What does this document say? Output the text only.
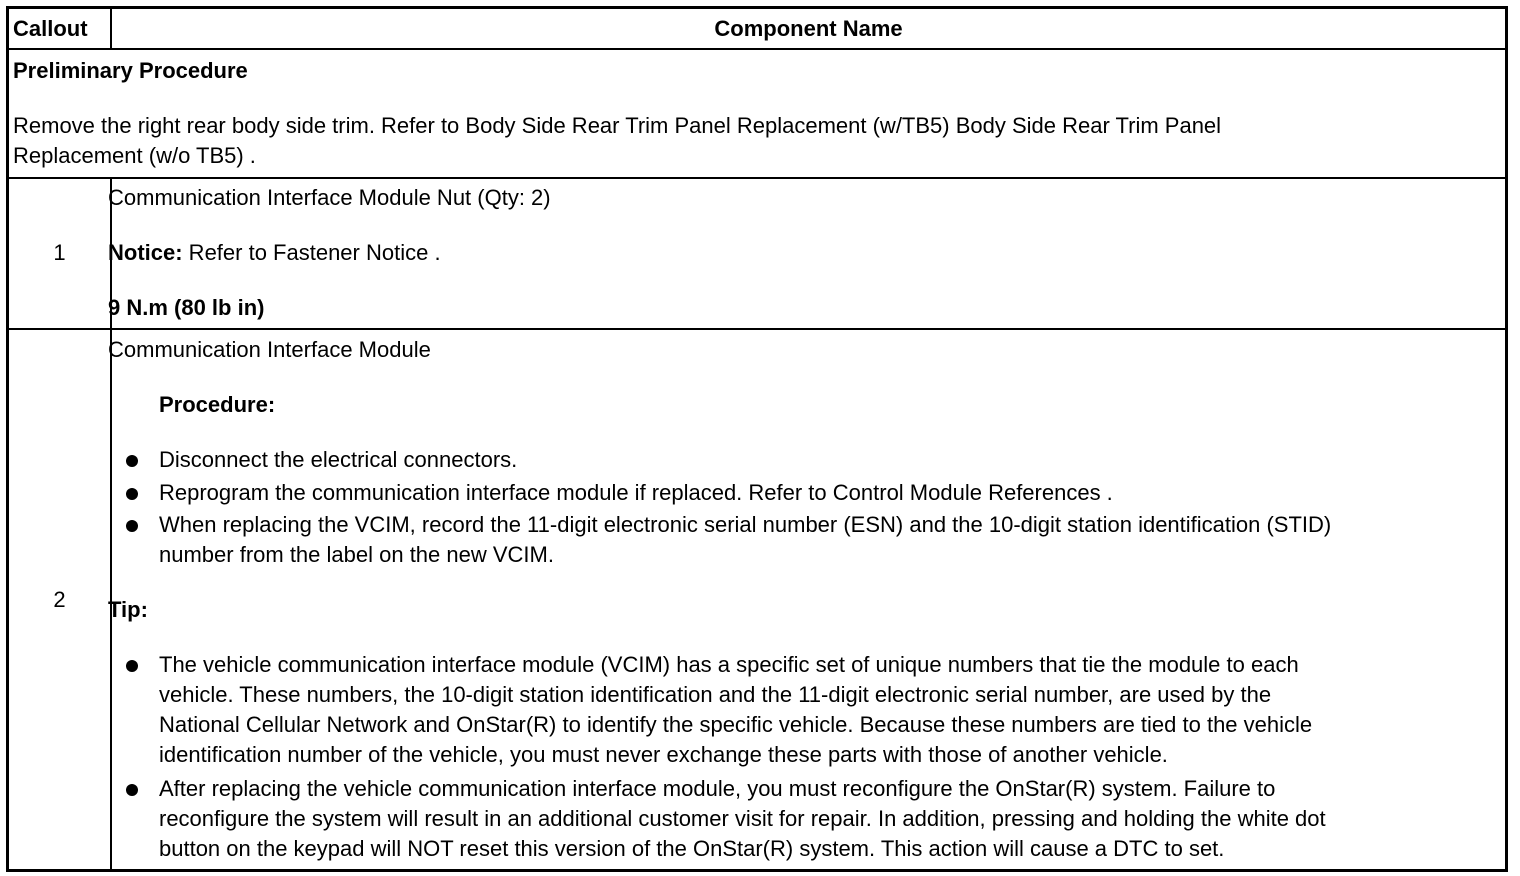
Callout	Component Name
Preliminary Procedure
Remove the right rear body side trim. Refer to Body Side Rear Trim Panel Replacement (w/TB5) Body Side Rear Trim Panel
Replacement (w/o TB5) .
1
Communication Interface Module Nut (Qty: 2)
Notice: Refer to Fastener Notice .
9 N.m (80 lb in)
2
Communication Interface Module
Procedure:
Disconnect the electrical connectors.
Reprogram the communication interface module if replaced. Refer to Control Module References .
When replacing the VCIM, record the 11-digit electronic serial number (ESN) and the 10-digit station identification (STID)
number from the label on the new VCIM.
Tip:
The vehicle communication interface module (VCIM) has a specific set of unique numbers that tie the module to each
vehicle. These numbers, the 10-digit station identification and the 11-digit electronic serial number, are used by the
National Cellular Network and OnStar(R) to identify the specific vehicle. Because these numbers are tied to the vehicle
identification number of the vehicle, you must never exchange these parts with those of another vehicle.
After replacing the vehicle communication interface module, you must reconfigure the OnStar(R) system. Failure to
reconfigure the system will result in an additional customer visit for repair. In addition, pressing and holding the white dot
button on the keypad will NOT reset this version of the OnStar(R) system. This action will cause a DTC to set.
